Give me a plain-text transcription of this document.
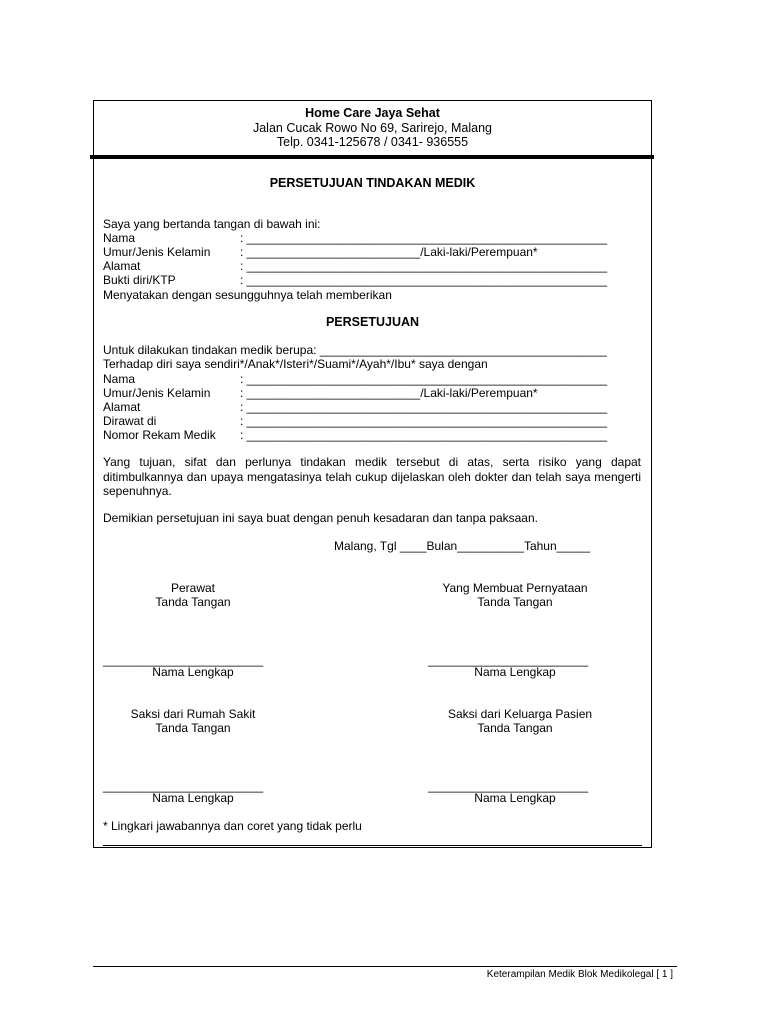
Home Care Jaya Sehat
Jalan Cucak Rowo No 69, Sarirejo, Malang
Telp. 0341-125678 / 0341- 936555
PERSETUJUAN TINDAKAN MEDIK
Saya yang bertanda tangan di bawah ini:
Nama	: ______________________________________________________
Umur/Jenis Kelamin : __________________________/Laki-laki/Perempuan*
Alamat	: ______________________________________________________
Bukti diri/KTP	: ______________________________________________________
Menyatakan dengan sesungguhnya telah memberikan
PERSETUJUAN
Untuk dilakukan tindakan medik berupa: ___________________________________________
Terhadap diri saya sendiri*/Anak*/Isteri*/Suami*/Ayah*/Ibu* saya dengan
Nama	: ______________________________________________________
Umur/Jenis Kelamin : __________________________/Laki-laki/Perempuan*
Alamat	: ______________________________________________________
Dirawat di	: ______________________________________________________
Nomor Rekam Medik : ______________________________________________________
Yang tujuan, sifat dan perlunya tindakan medik tersebut di atas, serta risiko yang dapat ditimbulkannya dan upaya mengatasinya telah cukup dijelaskan oleh dokter dan telah saya mengerti sepenuhnya.
Demikian persetujuan ini saya buat dengan penuh kesadaran dan tanpa paksaan.
Malang, Tgl ____Bulan__________Tahun_____
Perawat
Tanda Tangan
Yang Membuat Pernyataan
Tanda Tangan
________________________	________________________
Nama Lengkap	Nama Lengkap
Saksi dari Rumah Sakit
Tanda Tangan
Saksi dari Keluarga Pasien
Tanda Tangan
________________________	________________________
Nama Lengkap	Nama Lengkap
* Lingkari jawabannya dan coret yang tidak perlu
Keterampilan Medik Blok Medikolegal [ 1 ]
